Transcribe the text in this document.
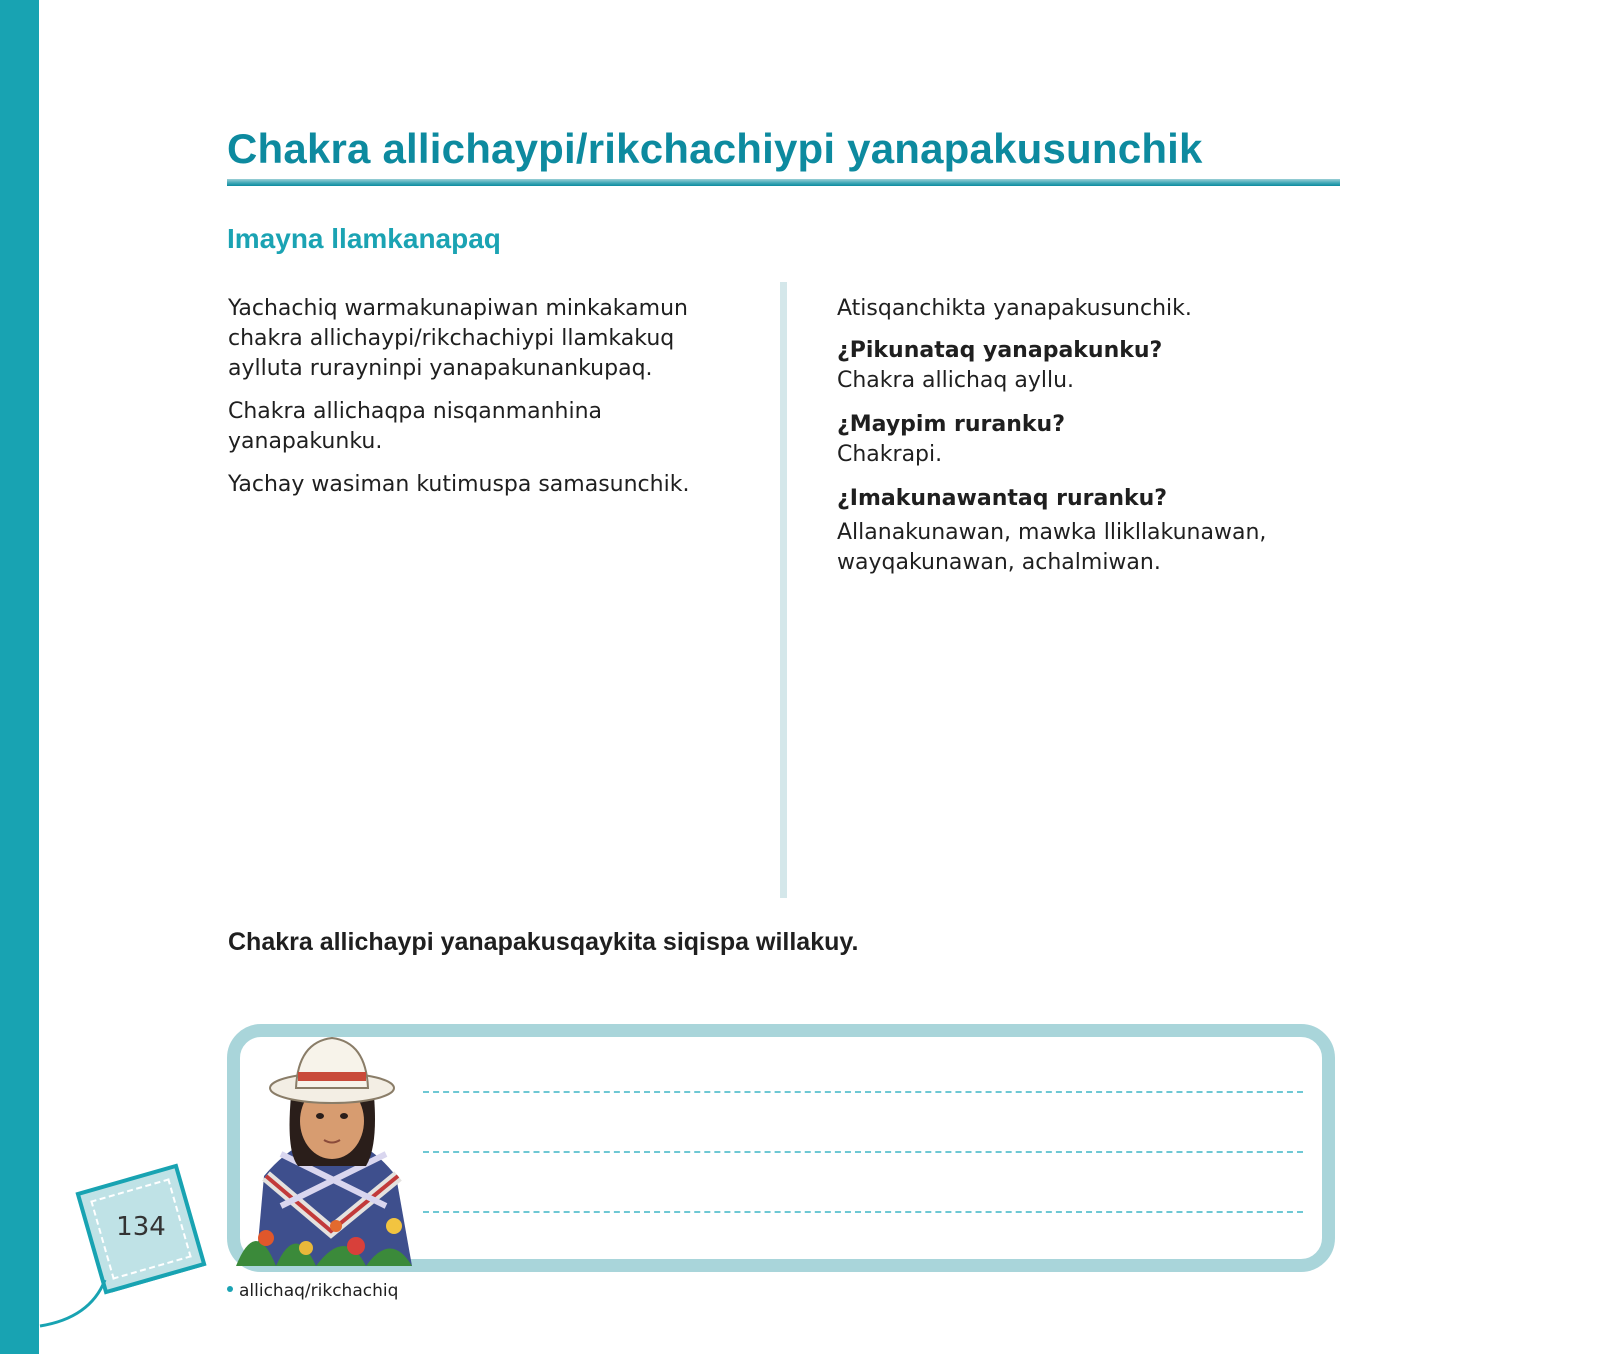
Chakra allichaypi/rikchachiypi yanapakusunchik
Imayna llamkanapaq

Yachachiq warmakunapiwan minkakamun chakra allichaypi/rikchachiypi llamkakuq aylluta rurayninpi yanapakunankupaq.

Chakra allichaqpa nisqanmanhina yanapakunku.

Yachay wasiman kutimuspa samasunchik.

Atisqanchikta yanapakusunchik.

¿Pikunataq yanapakunku?

Chakra allichaq ayllu.

¿Maypim ruranku?

Chakrapi.

¿Imakunawantaq ruranku?

Allanakunawan, mawka llikllakunawan, wayqakunawan, achalmiwan.

Chakra allichaypi yanapakusqaykita siqispa willakuy.

134
allichaq/rikchachiq
